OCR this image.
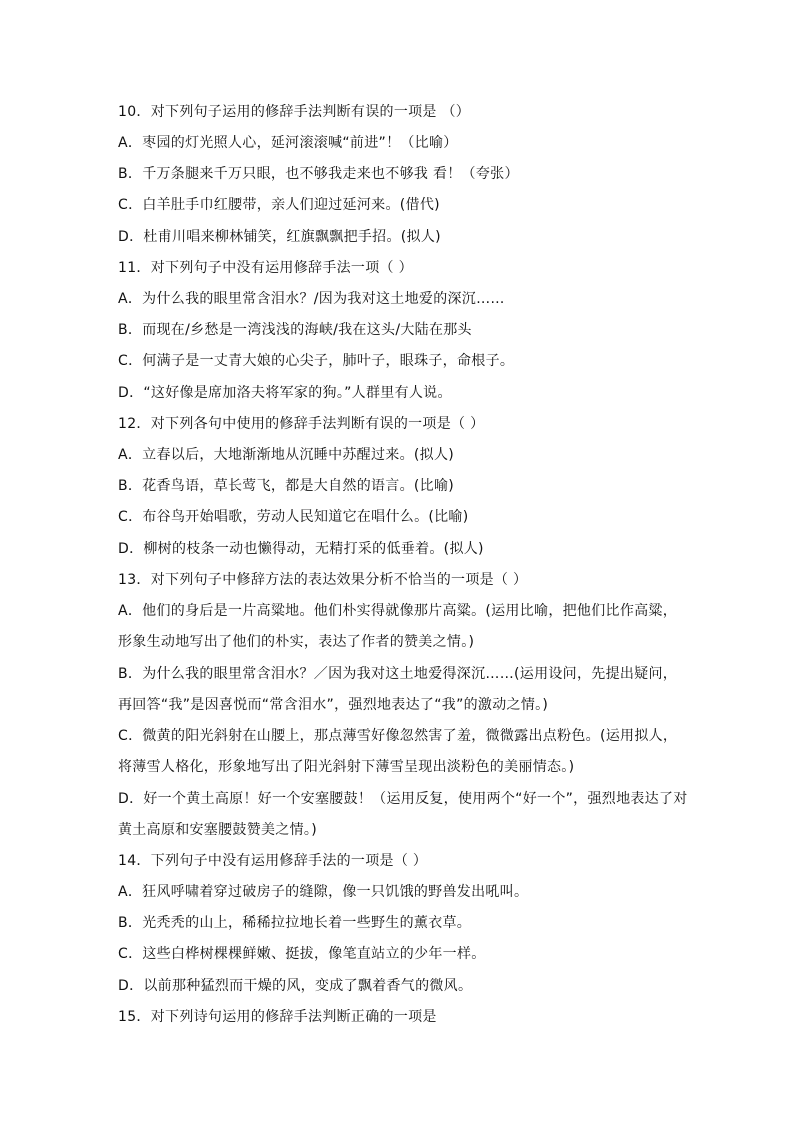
10．对下列句子运用的修辞手法判断有误的一项是 （）
A．枣园的灯光照人心，延河滚滚喊“前进”！（比喻）
B．千万条腿来千万只眼，也不够我走来也不够我 看！（夸张）
C．白羊肚手巾红腰带，亲人们迎过延河来。(借代)
D．杜甫川唱来柳林铺笑，红旗飘飘把手招。(拟人)
11．对下列句子中没有运用修辞手法一项（ ）
A．为什么我的眼里常含泪水？/因为我对这土地爱的深沉……
B．而现在/乡愁是一湾浅浅的海峡/我在这头/大陆在那头
C．何满子是一丈青大娘的心尖子，肺叶子，眼珠子，命根子。
D．“这好像是席加洛夫将军家的狗。”人群里有人说。
12．对下列各句中使用的修辞手法判断有误的一项是（ ）
A．立春以后，大地渐渐地从沉睡中苏醒过来。(拟人)
B．花香鸟语，草长莺飞，都是大自然的语言。(比喻)
C．布谷鸟开始唱歌，劳动人民知道它在唱什么。(比喻)
D．柳树的枝条一动也懒得动，无精打采的低垂着。(拟人)
13．对下列句子中修辞方法的表达效果分析不恰当的一项是（ ）
A．他们的身后是一片高粱地。他们朴实得就像那片高粱。(运用比喻，把他们比作高粱，
形象生动地写出了他们的朴实，表达了作者的赞美之情。)
B．为什么我的眼里常含泪水？／因为我对这土地爱得深沉……(运用设问，先提出疑问，
再回答“我”是因喜悦而“常含泪水”，强烈地表达了“我”的激动之情。)
C．微黄的阳光斜射在山腰上，那点薄雪好像忽然害了羞，微微露出点粉色。(运用拟人，
将薄雪人格化，形象地写出了阳光斜射下薄雪呈现出淡粉色的美丽情态。)
D．好一个黄土高原！好一个安塞腰鼓！（运用反复，使用两个“好一个”，强烈地表达了对
黄土高原和安塞腰鼓赞美之情。)
14．下列句子中没有运用修辞手法的一项是（ ）
A．狂风呼啸着穿过破房子的缝隙，像一只饥饿的野兽发出吼叫。
B．光秃秃的山上，稀稀拉拉地长着一些野生的薰衣草。
C．这些白桦树棵棵鲜嫩、挺拔，像笔直站立的少年一样。
D．以前那种猛烈而干燥的风，变成了飘着香气的微风。
15．对下列诗句运用的修辞手法判断正确的一项是
